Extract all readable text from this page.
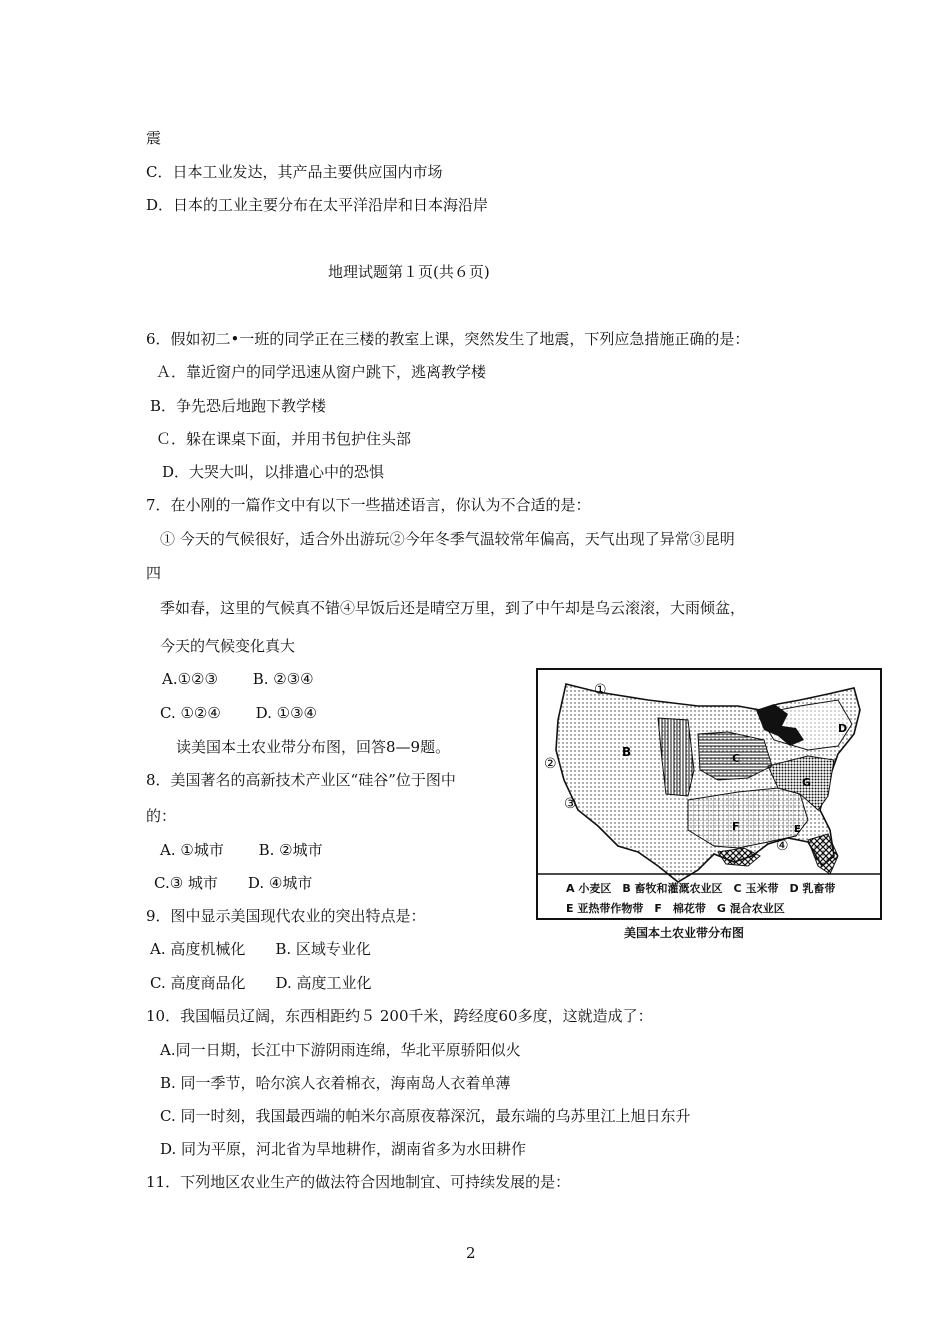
震
C．日本工业发达，其产品主要供应国内市场
D．日本的工业主要分布在太平洋沿岸和日本海沿岸
地理试题第１页(共６页)
6．假如初二•一班的同学正在三楼的教室上课，突然发生了地震，下列应急措施正确的是：
Ａ．靠近窗户的同学迅速从窗户跳下，逃离教学楼
B．争先恐后地跑下教学楼
Ｃ．躲在课桌下面，并用书包护住头部
D．大哭大叫，以排遣心中的恐惧
7．在小刚的一篇作文中有以下一些描述语言，你认为不合适的是：
① 今天的气候很好，适合外出游玩②今年冬季气温较常年偏高，天气出现了异常③昆明
四
季如春，这里的气候真不错④早饭后还是晴空万里，到了中午却是乌云滚滚，大雨倾盆，
今天的气候变化真大
A.①②③　　 B. ②③④
C. ①②④　　 D. ①③④
读美国本土农业带分布图，回答8—9题。
8．美国著名的高新技术产业区“硅谷”位于图中
的：
A. ①城市　　 B. ②城市
C.③ 城市　　D. ④城市
9．图中显示美国现代农业的突出特点是：
A. 高度机械化　　B. 区域专业化
C. 高度商品化　　D. 高度工业化
10．我国幅员辽阔，东西相距约５ 200千米，跨经度60多度，这就造成了：
A.同一日期，长江中下游阴雨连绵，华北平原骄阳似火
B. 同一季节，哈尔滨人衣着棉衣，海南岛人衣着单薄
C. 同一时刻，我国最西端的帕米尔高原夜幕深沉，最东端的乌苏里江上旭日东升
D. 同为平原，河北省为旱地耕作，湖南省多为水田耕作
11．下列地区农业生产的做法符合因地制宜、可持续发展的是：
B	C
D
E
F
G
①
②
③
④
A 小麦区　B 畜牧和灌溉农业区　C 玉米带　D 乳畜带
E 亚热带作物带　F　棉花带　G 混合农业区
美国本土农业带分布图
2
